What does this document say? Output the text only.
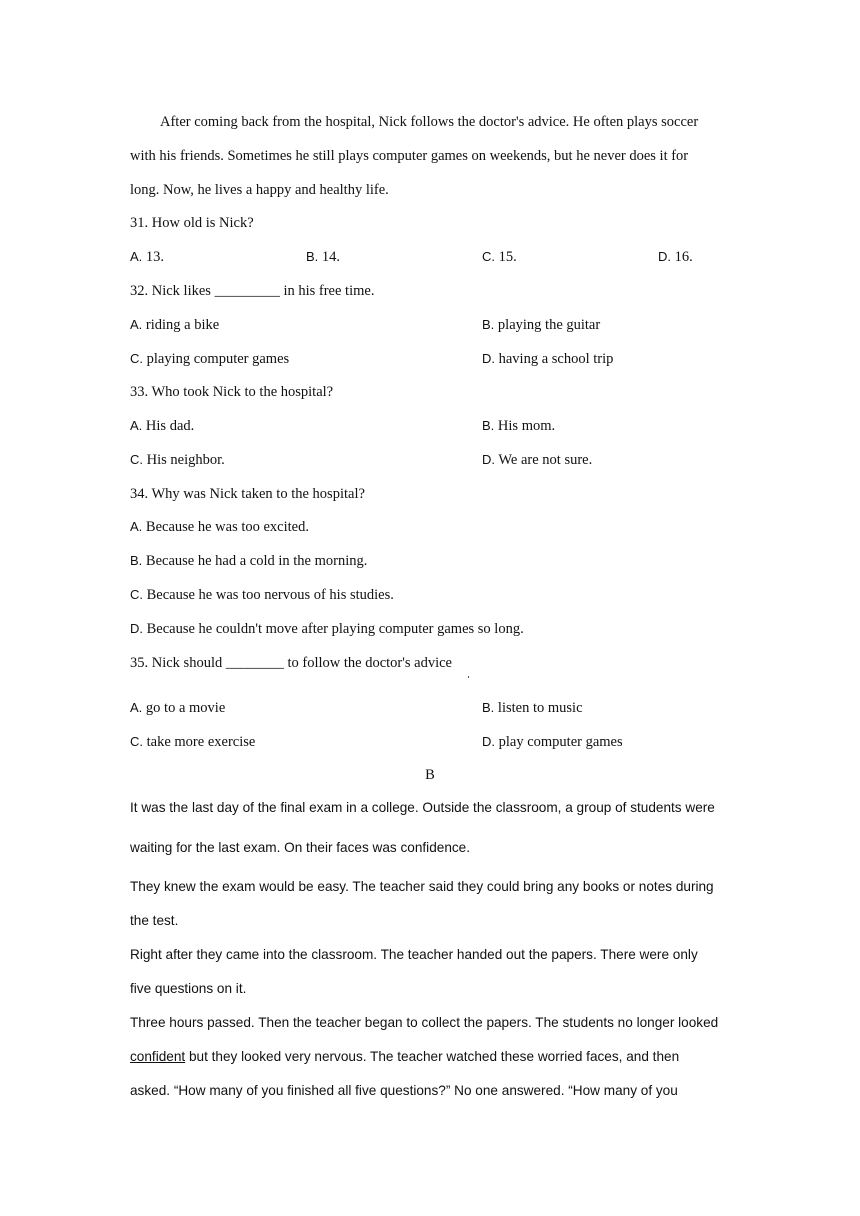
After coming back from the hospital, Nick follows the doctor's advice. He often plays soccer
with his friends. Sometimes he still plays computer games on weekends, but he never does it for
long. Now, he lives a happy and healthy life.
31. How old is Nick?
A. 13.	B. 14.	C. 15.	D. 16.
32. Nick likes _________ in his free time.
A. riding a bike	B. playing the guitar
C. playing computer games	D. having a school trip
33. Who took Nick to the hospital?
A. His dad.	B. His mom.
C. His neighbor.	D. We are not sure.
34. Why was Nick taken to the hospital?
A. Because he was too excited.
B. Because he had a cold in the morning.
C. Because he was too nervous of his studies.
D. Because he couldn't move after playing computer games so long.
35. Nick should ________ to follow the doctor's advice
A. go to a movie	B. listen to music
C. take more exercise	D. play computer games
B
It was the last day of the final exam in a college. Outside the classroom, a group of students were
waiting for the last exam. On their faces was confidence.
They knew the exam would be easy. The teacher said they could bring any books or notes during
the test.
Right after they came into the classroom. The teacher handed out the papers. There were only
five questions on it.
Three hours passed. Then the teacher began to collect the papers. The students no longer looked
confident but they looked very nervous. The teacher watched these worried faces, and then
asked. “How many of you finished all five questions?” No one answered. “How many of you
